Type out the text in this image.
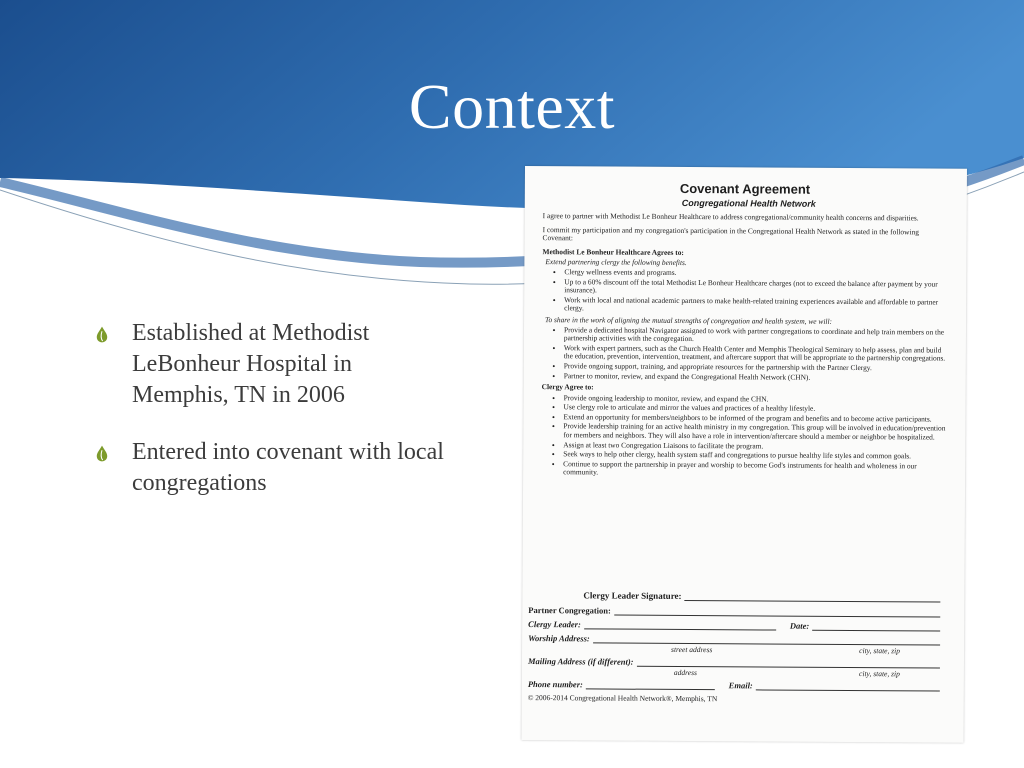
Context
Established at Methodist
LeBonheur Hospital in
Memphis, TN in 2006
Entered into covenant with local
congregations
Covenant Agreement
Congregational Health Network

I agree to partner with Methodist Le Bonheur Healthcare to address congregational/community health concerns and disparities.

I commit my participation and my congregation's participation in the Congregational Health Network as stated in the following Covenant:

Methodist Le Bonheur Healthcare Agrees to:
Extend partnering clergy the following benefits.
• Clergy wellness events and programs.
• Up to a 60% discount off the total Methodist Le Bonheur Healthcare charges (not to exceed the balance after payment by your insurance).
• Work with local and national academic partners to make health-related training experiences available and affordable to partner clergy.
To share in the work of aligning the mutual strengths of congregation and health system, we will:
• Provide a dedicated hospital Navigator assigned to work with partner congregations to coordinate and help train members on the partnership activities with the congregation.
• Work with expert partners, such as the Church Health Center and Memphis Theological Seminary to help assess, plan and build the education, prevention, intervention, treatment, and aftercare support that will be appropriate to the partnership congregations.
• Provide ongoing support, training, and appropriate resources for the partnership with the Partner Clergy.
• Partner to monitor, review, and expand the Congregational Health Network (CHN).
Clergy Agree to:
• Provide ongoing leadership to monitor, review, and expand the CHN.
• Use clergy role to articulate and mirror the values and practices of a healthy lifestyle.
• Extend an opportunity for members/neighbors to be informed of the program and benefits and to become active participants.
• Provide leadership training for an active health ministry in my congregation. This group will be involved in education/prevention for members and neighbors. They will also have a role in intervention/aftercare should a member or neighbor be hospitalized.
• Assign at least two Congregation Liaisons to facilitate the program.
• Seek ways to help other clergy, health system staff and congregations to pursue healthy life styles and common goals.
• Continue to support the partnership in prayer and worship to become God's instruments for health and wholeness in our community.
Clergy Leader Signature:
Partner Congregation:
Clergy Leader:	Date:
Worship Address:
street address	city, state, zip
Mailing Address (if different):
address	city, state, zip
Phone number:	Email:
© 2006-2014 Congregational Health Network®, Memphis, TN
